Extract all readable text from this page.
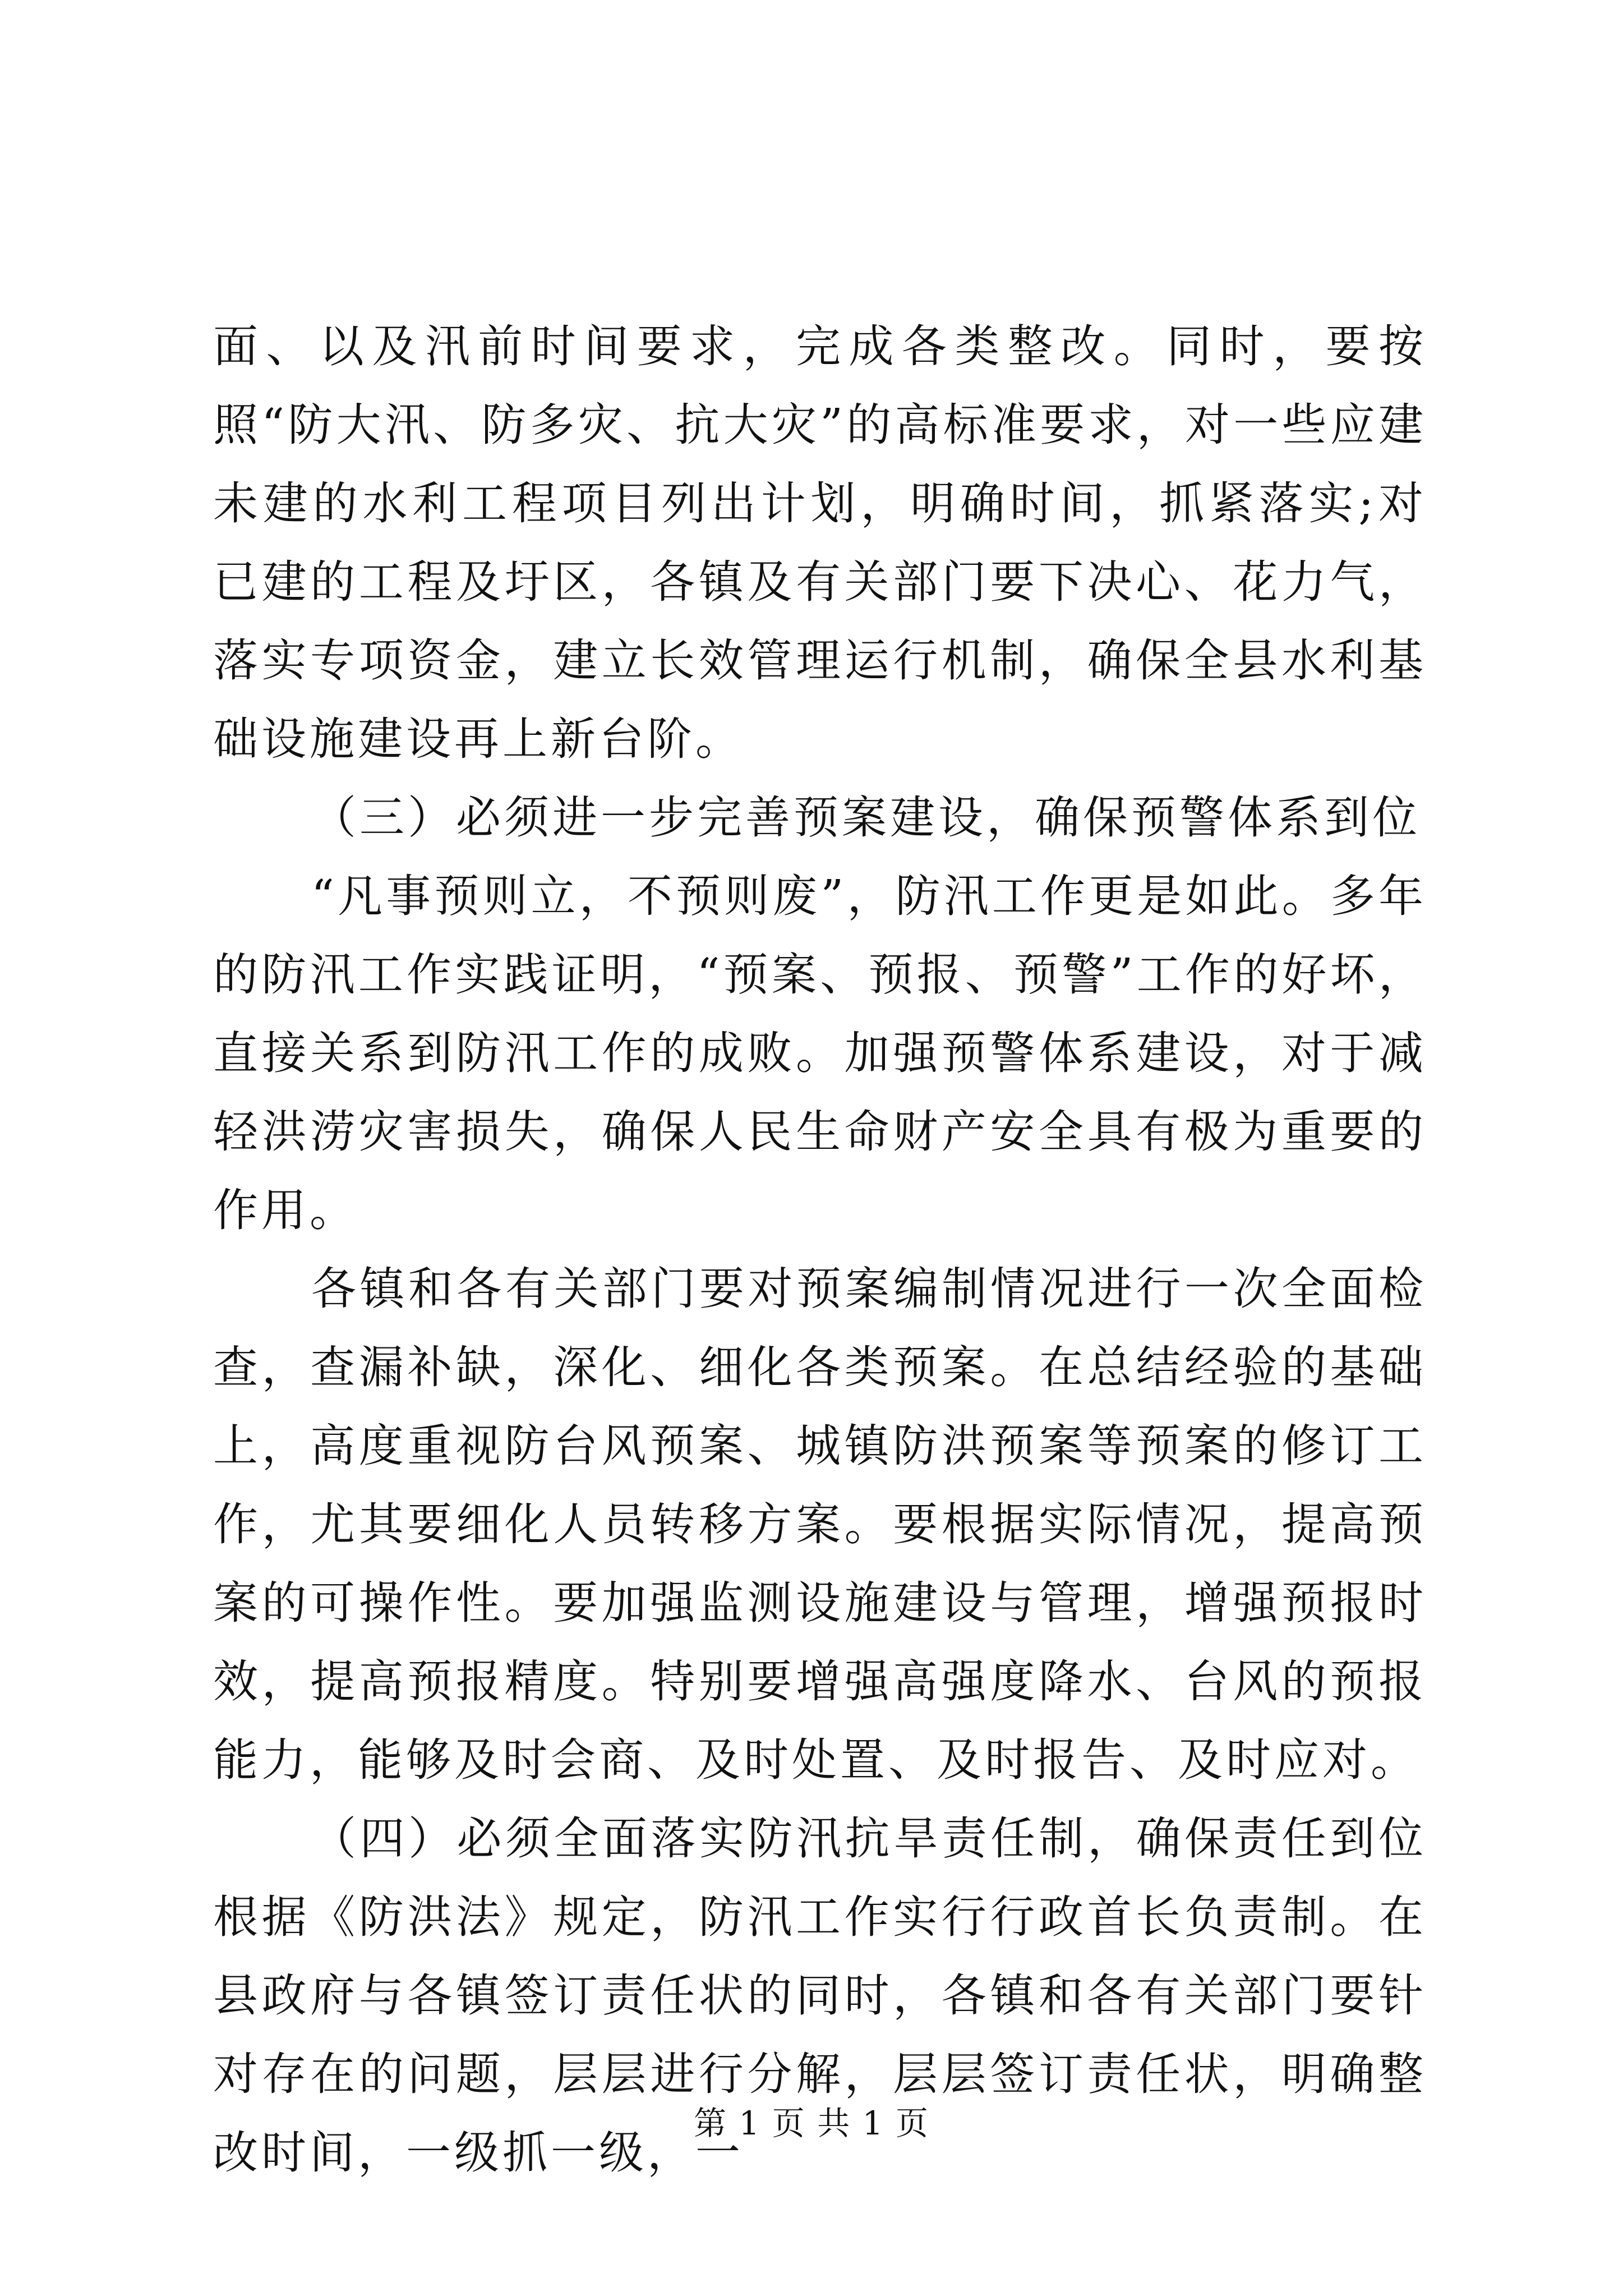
面、以及汛前时间要求，完成各类整改。同时，要按照“防大汛、防多灾、抗大灾”的高标准要求，对一些应建未建的水利工程项目列出计划，明确时间，抓紧落实;对已建的工程及圩区，各镇及有关部门要下决心、花力气，落实专项资金，建立长效管理运行机制，确保全县水利基础设施建设再上新台阶。

（三）必须进一步完善预案建设，确保预警体系到位

“凡事预则立，不预则废”，防汛工作更是如此。多年的防汛工作实践证明，“预案、预报、预警”工作的好坏，直接关系到防汛工作的成败。加强预警体系建设，对于减轻洪涝灾害损失，确保人民生命财产安全具有极为重要的作用。

各镇和各有关部门要对预案编制情况进行一次全面检查，查漏补缺，深化、细化各类预案。在总结经验的基础上，高度重视防台风预案、城镇防洪预案等预案的修订工作，尤其要细化人员转移方案。要根据实际情况，提高预案的可操作性。要加强监测设施建设与管理，增强预报时效，提高预报精度。特别要增强高强度降水、台风的预报能力，能够及时会商、及时处置、及时报告、及时应对。

（四）必须全面落实防汛抗旱责任制，确保责任到位根据《防洪法》规定，防汛工作实行行政首长负责制。在县政府与各镇签订责任状的同时，各镇和各有关部门要针对存在的问题，层层进行分解，层层签订责任状，明确整改时间，一级抓一级，一

第 1 页 共 1 页
